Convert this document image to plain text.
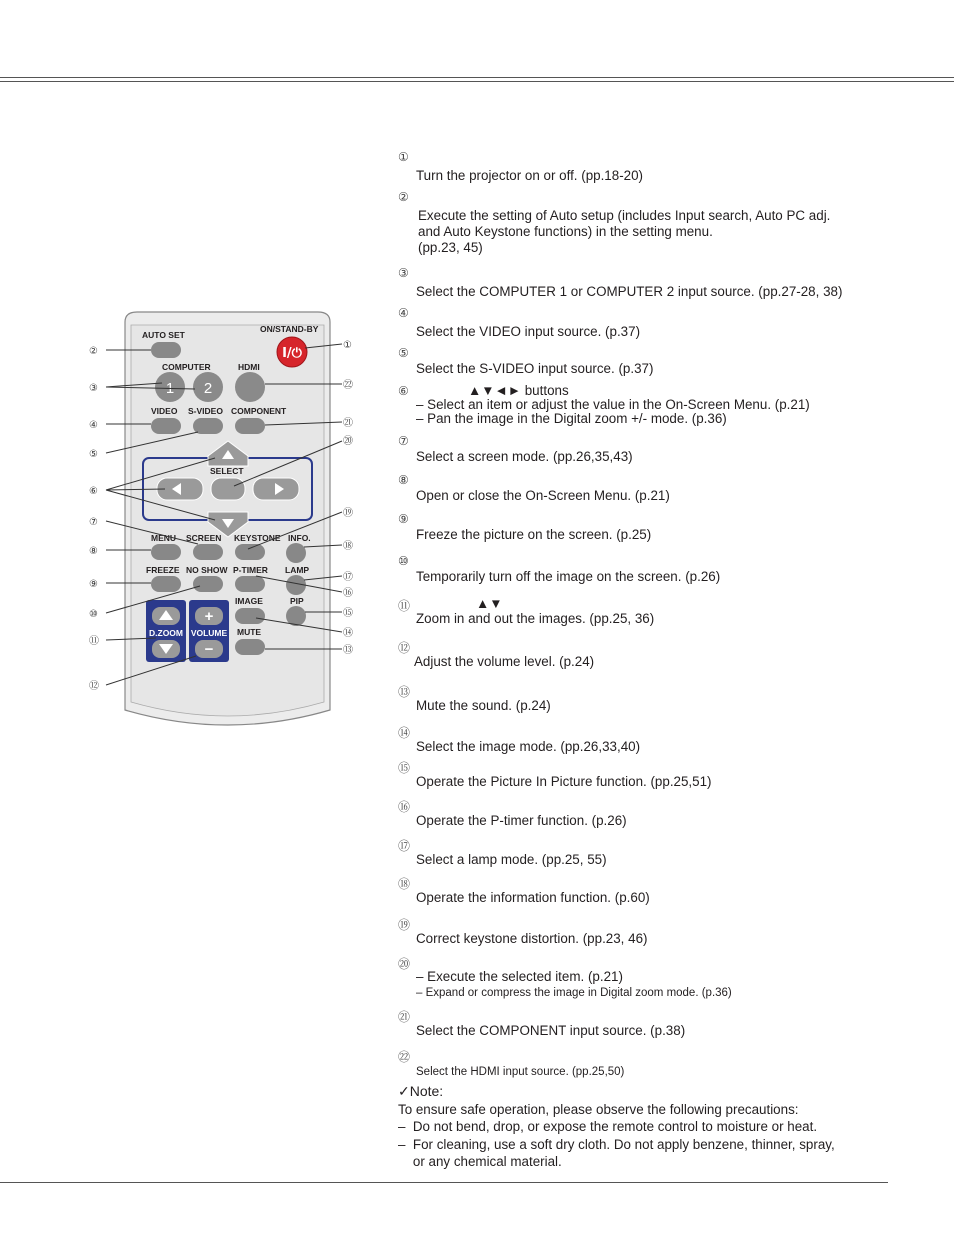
AUTO SET
ON/STAND-BY
I/⏻
COMPUTER
1 2
HDMI
VIDEO S-VIDEO COMPONENT
SELECT
MENU SCREEN KEYSTONE INFO.
FREEZE NO SHOW P-TIMER LAMP
D.ZOOM
+
VOLUME
−
IMAGE	PIP
MUTE
②
③
④
⑤
⑥
⑦
⑧
⑨
⑩
⑪
⑫
①
㉒
㉑
⑳
⑲
⑱
⑰
⑯
⑮
⑭
⑬
①
Turn the projector on or off. (pp.18-20)
②
Execute the setting of Auto setup (includes Input search, Auto PC adj.
and Auto Keystone functions) in the setting menu.
(pp.23, 45)
③
Select the COMPUTER 1 or COMPUTER 2 input source. (pp.27-28, 38)
④
Select the VIDEO input source. (p.37)
⑤
Select the S-VIDEO input source. (p.37)
⑥	▲▼◄► buttons
– Select an item or adjust the value in the On-Screen Menu. (p.21)
– Pan the image in the Digital zoom +/- mode. (p.36)
⑦
Select a screen mode. (pp.26,35,43)
⑧
Open or close the On-Screen Menu. (p.21)
⑨
Freeze the picture on the screen. (p.25)
⑩
Temporarily turn off the image on the screen. (p.26)
⑪	▲▼
Zoom in and out the images. (pp.25, 36)
⑫
Adjust the volume level. (p.24)
⑬
Mute the sound. (p.24)
⑭
Select the image mode. (pp.26,33,40)
⑮
Operate the Picture In Picture function. (pp.25,51)
⑯
Operate the P-timer function. (p.26)
⑰
Select a lamp mode. (pp.25, 55)
⑱
Operate the information function. (p.60)
⑲
Correct keystone distortion. (pp.23, 46)
⑳
– Execute the selected item. (p.21)
– Expand or compress the image in Digital zoom mode. (p.36)
㉑
Select the COMPONENT input source. (p.38)
㉒
Select the HDMI input source. (pp.25,50)
✓Note:
To ensure safe operation, please observe the following precautions:
–  Do not bend, drop, or expose the remote control to moisture or heat.
–  For cleaning, use a soft dry cloth. Do not apply benzene, thinner, spray,
or any chemical material.
